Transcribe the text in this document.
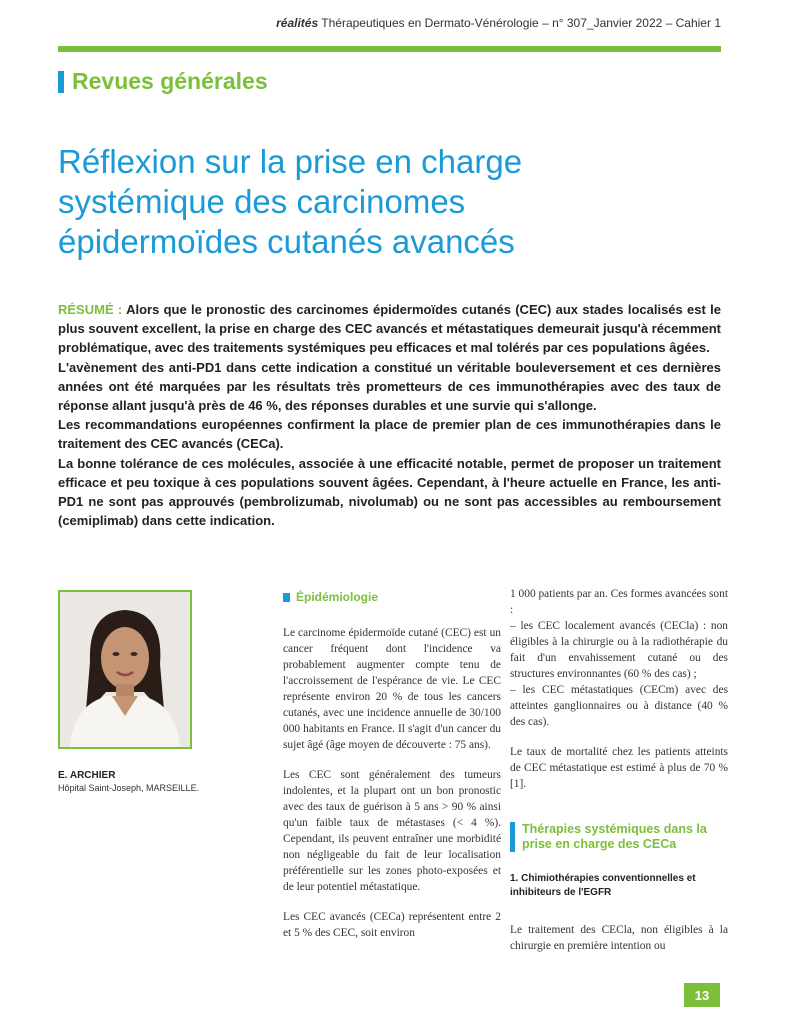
réalités Thérapeutiques en Dermato-Vénérologie – n° 307_Janvier 2022 – Cahier 1
Revues générales
Réflexion sur la prise en charge
systémique des carcinomes
épidermoïdes cutanés avancés

RÉSUMÉ : Alors que le pronostic des carcinomes épidermoïdes cutanés (CEC) aux stades localisés est le plus souvent excellent, la prise en charge des CEC avancés et métastatiques demeurait jusqu'à récemment problématique, avec des traitements systémiques peu efficaces et mal tolérés par ces populations âgées.

L'avènement des anti-PD1 dans cette indication a constitué un véritable bouleversement et ces dernières années ont été marquées par les résultats très prometteurs de ces immunothérapies avec des taux de réponse allant jusqu'à près de 46 %, des réponses durables et une survie qui s'allonge.

Les recommandations européennes confirment la place de premier plan de ces immunothérapies dans le traitement des CEC avancés (CECa).

La bonne tolérance de ces molécules, associée à une efficacité notable, permet de proposer un traitement efficace et peu toxique à ces populations souvent âgées. Cependant, à l'heure actuelle en France, les anti-PD1 ne sont pas approuvés (pembrolizumab, nivolumab) ou ne sont pas accessibles au remboursement (cemiplimab) dans cette indication.

E. ARCHIER
Hôpital Saint-Joseph, MARSEILLE.
Épidémiologie

Le carcinome épidermoïde cutané (CEC) est un cancer fréquent dont l'incidence va probablement augmenter compte tenu de l'accroissement de l'espérance de vie. Le CEC représente environ 20 % de tous les cancers cutanés, avec une incidence annuelle de 30/100 000 habitants en France. Il s'agit d'un cancer du sujet âgé (âge moyen de découverte : 75 ans).

Les CEC sont généralement des tumeurs indolentes, et la plupart ont un bon pronostic avec des taux de guérison à 5 ans > 90 % ainsi qu'un faible taux de métastases (< 4 %). Cependant, ils peuvent entraîner une morbidité non négligeable du fait de leur localisation préférentielle sur les zones photo-exposées et de leur potentiel métastatique.

Les CEC avancés (CECa) représentent entre 2 et 5 % des CEC, soit environ

1 000 patients par an. Ces formes avancées sont :

– les CEC localement avancés (CECla) : non éligibles à la chirurgie ou à la radiothérapie du fait d'un envahissement cutané ou des structures environnantes (60 % des cas) ;

– les CEC métastatiques (CECm) avec des atteintes ganglionnaires ou à distance (40 % des cas).

Le taux de mortalité chez les patients atteints de CEC métastatique est estimé à plus de 70 % [1].

Thérapies systémiques dans la prise en charge des CECa
1. Chimiothérapies conventionnelles et inhibiteurs de l'EGFR

Le traitement des CECla, non éligibles à la chirurgie en première intention ou

13
